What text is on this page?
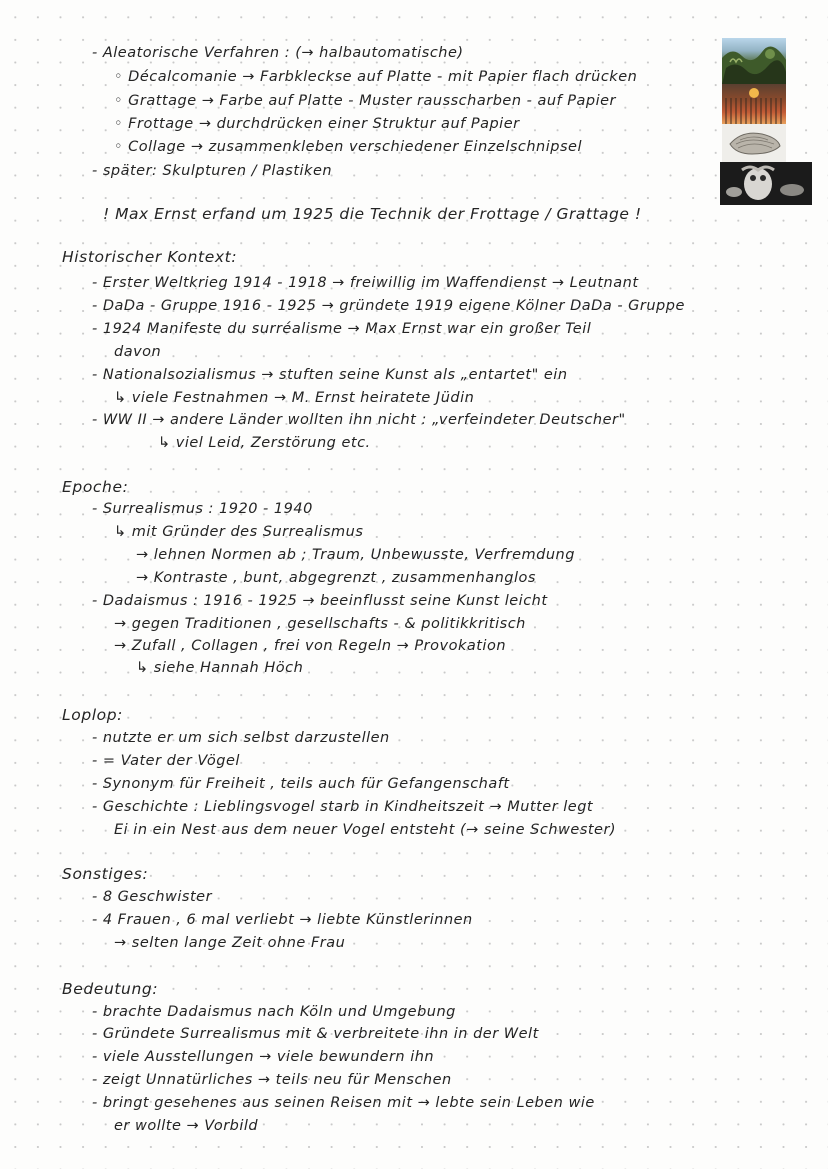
- Aleatorische Verfahren : (→ halbautomatische)
◦ Décalcomanie → Farbkleckse auf Platte - mit Papier flach drücken
◦ Grattage → Farbe auf Platte - Muster rausscharben - auf Papier
◦ Frottage → durchdrücken einer Struktur auf Papier
◦ Collage → zusammenkleben verschiedener Einzelschnipsel
- später: Skulpturen / Plastiken
! Max Ernst erfand um 1925 die Technik der Frottage / Grattage !
Historischer Kontext:
- Erster Weltkrieg 1914 - 1918 → freiwillig im Waffendienst → Leutnant
- DaDa - Gruppe 1916 - 1925 → gründete 1919 eigene Kölner DaDa - Gruppe
- 1924 Manifeste du surréalisme → Max Ernst war ein großer Teil
davon
- Nationalsozialismus → stuften seine Kunst als „entartet" ein
↳ viele Festnahmen → M. Ernst heiratete Jüdin
- WW II → andere Länder wollten ihn nicht : „verfeindeter Deutscher"
↳ viel Leid, Zerstörung etc.
Epoche:
- Surrealismus : 1920 - 1940
↳ mit Gründer des Surrealismus
→ lehnen Normen ab ; Traum, Unbewusste, Verfremdung
→ Kontraste , bunt, abgegrenzt , zusammenhanglos
- Dadaismus : 1916 - 1925 → beeinflusst seine Kunst leicht
→ gegen Traditionen , gesellschafts - & politikkritisch
→ Zufall , Collagen , frei von Regeln → Provokation
↳ siehe Hannah Höch
Loplop:
- nutzte er um sich selbst darzustellen
- = Vater der Vögel
- Synonym für Freiheit , teils auch für Gefangenschaft
- Geschichte : Lieblingsvogel starb in Kindheitszeit → Mutter legt
Ei in ein Nest aus dem neuer Vogel entsteht (→ seine Schwester)
Sonstiges:
- 8 Geschwister
- 4 Frauen , 6 mal verliebt → liebte Künstlerinnen
→ selten lange Zeit ohne Frau
Bedeutung:
- brachte Dadaismus nach Köln und Umgebung
- Gründete Surrealismus mit & verbreitete ihn in der Welt
- viele Ausstellungen → viele bewundern ihn
- zeigt Unnatürliches → teils neu für Menschen
- bringt gesehenes aus seinen Reisen mit → lebte sein Leben wie
er wollte → Vorbild
